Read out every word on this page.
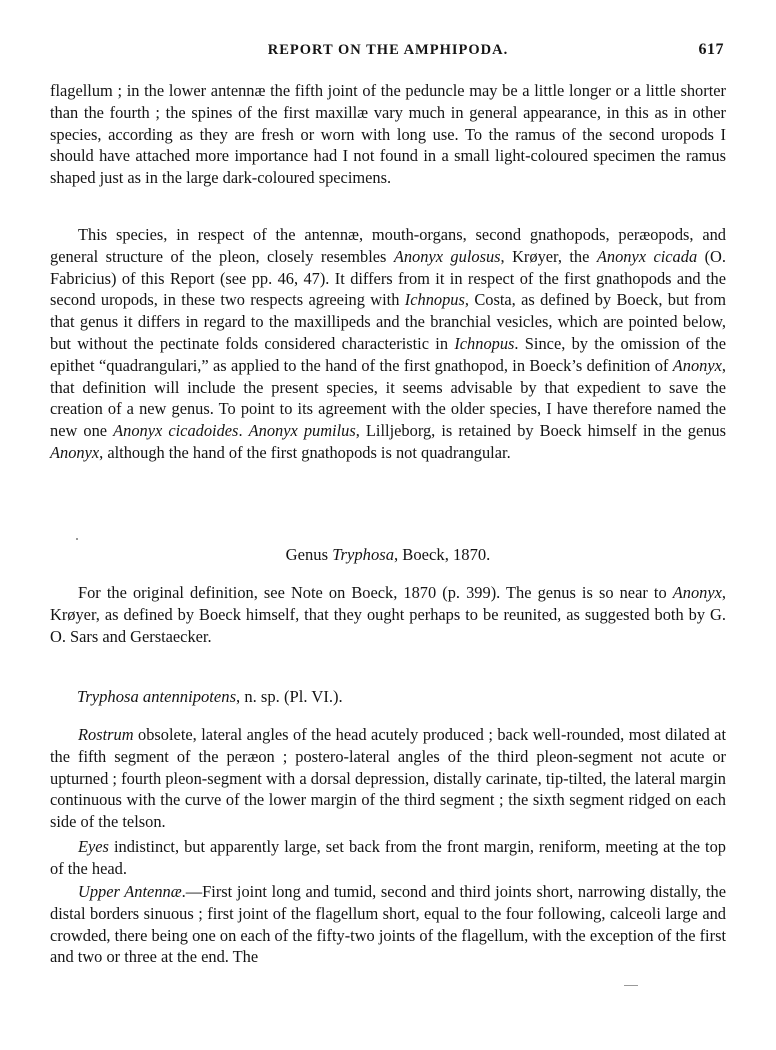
REPORT ON THE AMPHIPODA.	617

flagellum ; in the lower antennæ the fifth joint of the peduncle may be a little longer or a little shorter than the fourth ; the spines of the first maxillæ vary much in general appearance, in this as in other species, according as they are fresh or worn with long use. To the ramus of the second uropods I should have attached more importance had I not found in a small light-coloured specimen the ramus shaped just as in the large dark-coloured specimens.

This species, in respect of the antennæ, mouth-organs, second gnathopods, peræopods, and general structure of the pleon, closely resembles Anonyx gulosus, Krøyer, the Anonyx cicada (O. Fabricius) of this Report (see pp. 46, 47). It differs from it in respect of the first gnathopods and the second uropods, in these two respects agreeing with Ichnopus, Costa, as defined by Boeck, but from that genus it differs in regard to the maxillipeds and the branchial vesicles, which are pointed below, but without the pectinate folds considered characteristic in Ichnopus. Since, by the omission of the epithet “quadrangulari,” as applied to the hand of the first gnathopod, in Boeck’s definition of Anonyx, that definition will include the present species, it seems advisable by that expedient to save the creation of a new genus. To point to its agreement with the older species, I have therefore named the new one Anonyx cicadoides. Anonyx pumilus, Lilljeborg, is retained by Boeck himself in the genus Anonyx, although the hand of the first gnathopods is not quadrangular.

Genus Tryphosa, Boeck, 1870.

For the original definition, see Note on Boeck, 1870 (p. 399). The genus is so near to Anonyx, Krøyer, as defined by Boeck himself, that they ought perhaps to be reunited, as suggested both by G. O. Sars and Gerstaecker.

Tryphosa antennipotens, n. sp. (Pl. VI.).

Rostrum obsolete, lateral angles of the head acutely produced ; back well-rounded, most dilated at the fifth segment of the peræon ; postero-lateral angles of the third pleon-segment not acute or upturned ; fourth pleon-segment with a dorsal depression, distally carinate, tip-tilted, the lateral margin continuous with the curve of the lower margin of the third segment ; the sixth segment ridged on each side of the telson.

Eyes indistinct, but apparently large, set back from the front margin, reniform, meeting at the top of the head.

Upper Antennæ.—First joint long and tumid, second and third joints short, narrowing distally, the distal borders sinuous ; first joint of the flagellum short, equal to the four following, calceoli large and crowded, there being one on each of the fifty-two joints of the flagellum, with the exception of the first and two or three at the end. The
